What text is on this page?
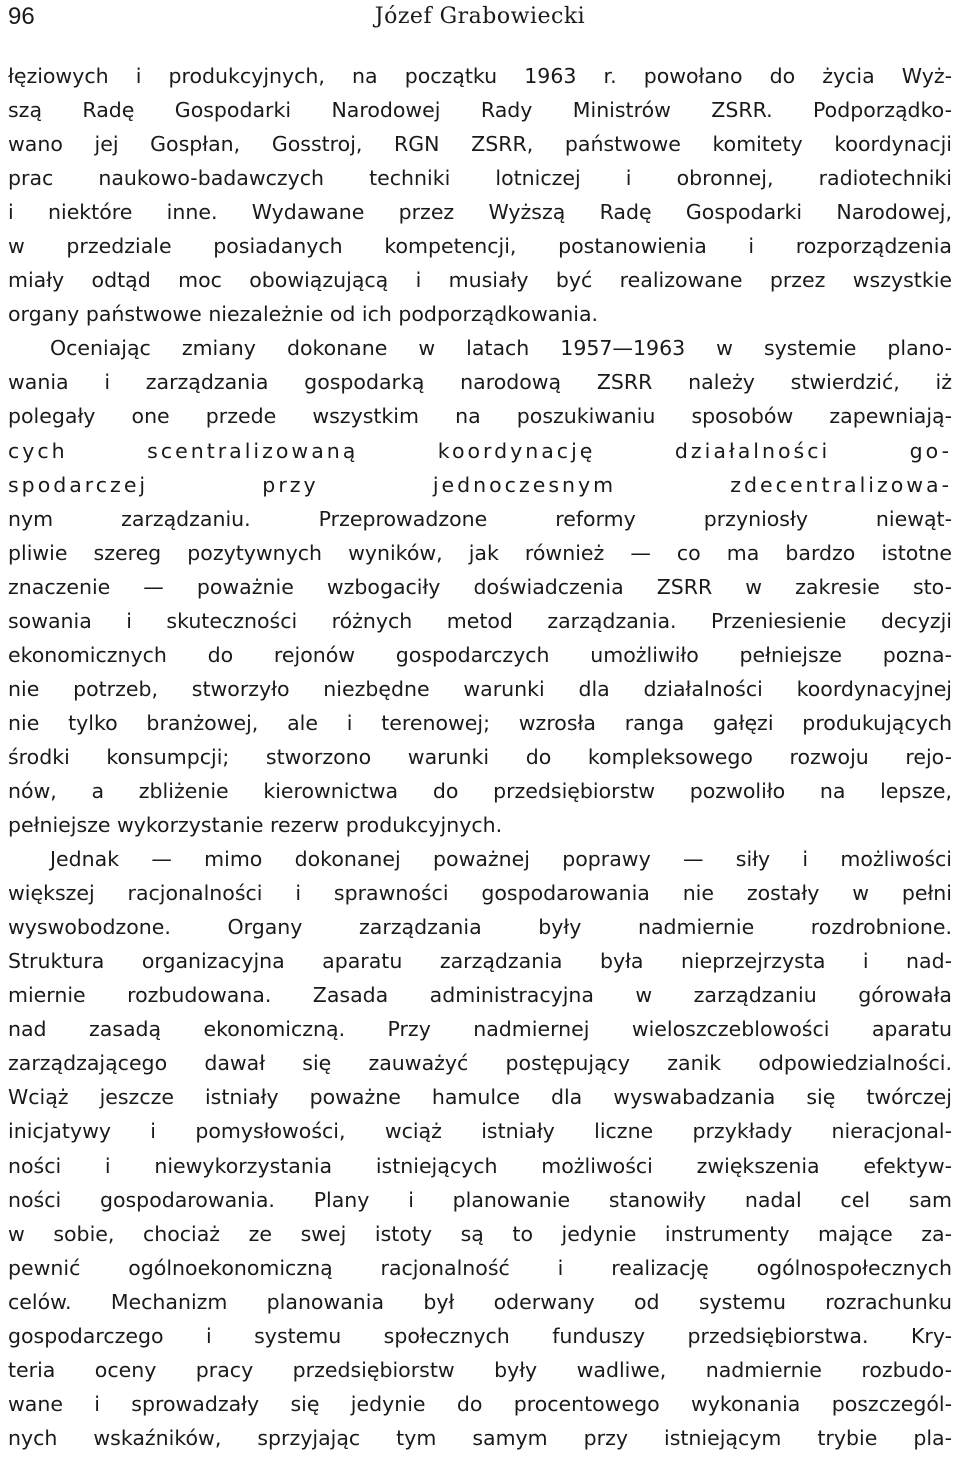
96	Józef Grabowiecki
łęziowych i produkcyjnych, na początku 1963 r. powołano do życia Wyż-
szą Radę Gospodarki Narodowej Rady Ministrów ZSRR. Podporządko-
wano jej Gospłan, Gosstroj, RGN ZSRR, państwowe komitety koordynacji
prac naukowo-badawczych techniki lotniczej i obronnej, radiotechniki
i niektóre inne. Wydawane przez Wyższą Radę Gospodarki Narodowej,
w przedziale posiadanych kompetencji, postanowienia i rozporządzenia
miały odtąd moc obowiązującą i musiały być realizowane przez wszystkie
organy państwowe niezależnie od ich podporządkowania.
Oceniając zmiany dokonane w latach 1957—1963 w systemie plano-
wania i zarządzania gospodarką narodową ZSRR należy stwierdzić, iż
polegały one przede wszystkim na poszukiwaniu sposobów zapewniają-
cych scentralizowaną koordynację działalności go-
spodarczej przy jednoczesnym zdecentralizowa-
nym zarządzaniu. Przeprowadzone reformy przyniosły niewąt-
pliwie szereg pozytywnych wyników, jak również — co ma bardzo istotne
znaczenie — poważnie wzbogaciły doświadczenia ZSRR w zakresie sto-
sowania i skuteczności różnych metod zarządzania. Przeniesienie decyzji
ekonomicznych do rejonów gospodarczych umożliwiło pełniejsze pozna-
nie potrzeb, stworzyło niezbędne warunki dla działalności koordynacyjnej
nie tylko branżowej, ale i terenowej; wzrosła ranga gałęzi produkujących
środki konsumpcji; stworzono warunki do kompleksowego rozwoju rejo-
nów, a zbliżenie kierownictwa do przedsiębiorstw pozwoliło na lepsze,
pełniejsze wykorzystanie rezerw produkcyjnych.
Jednak — mimo dokonanej poważnej poprawy — siły i możliwości
większej racjonalności i sprawności gospodarowania nie zostały w pełni
wyswobodzone. Organy zarządzania były nadmiernie rozdrobnione.
Struktura organizacyjna aparatu zarządzania była nieprzejrzysta i nad-
miernie rozbudowana. Zasada administracyjna w zarządzaniu górowała
nad zasadą ekonomiczną. Przy nadmiernej wieloszczeblowości aparatu
zarządzającego dawał się zauważyć postępujący zanik odpowiedzialności.
Wciąż jeszcze istniały poważne hamulce dla wyswabadzania się twórczej
inicjatywy i pomysłowości, wciąż istniały liczne przykłady nieracjonal-
ności i niewykorzystania istniejących możliwości zwiększenia efektyw-
ności gospodarowania. Plany i planowanie stanowiły nadal cel sam
w sobie, chociaż ze swej istoty są to jedynie instrumenty mające za-
pewnić ogólnoekonomiczną racjonalność i realizację ogólnospołecznych
celów. Mechanizm planowania był oderwany od systemu rozrachunku
gospodarczego i systemu społecznych funduszy przedsiębiorstwa. Kry-
teria oceny pracy przedsiębiorstw były wadliwe, nadmiernie rozbudo-
wane i sprowadzały się jedynie do procentowego wykonania poszczegól-
nych wskaźników, sprzyjając tym samym przy istniejącym trybie pla-
